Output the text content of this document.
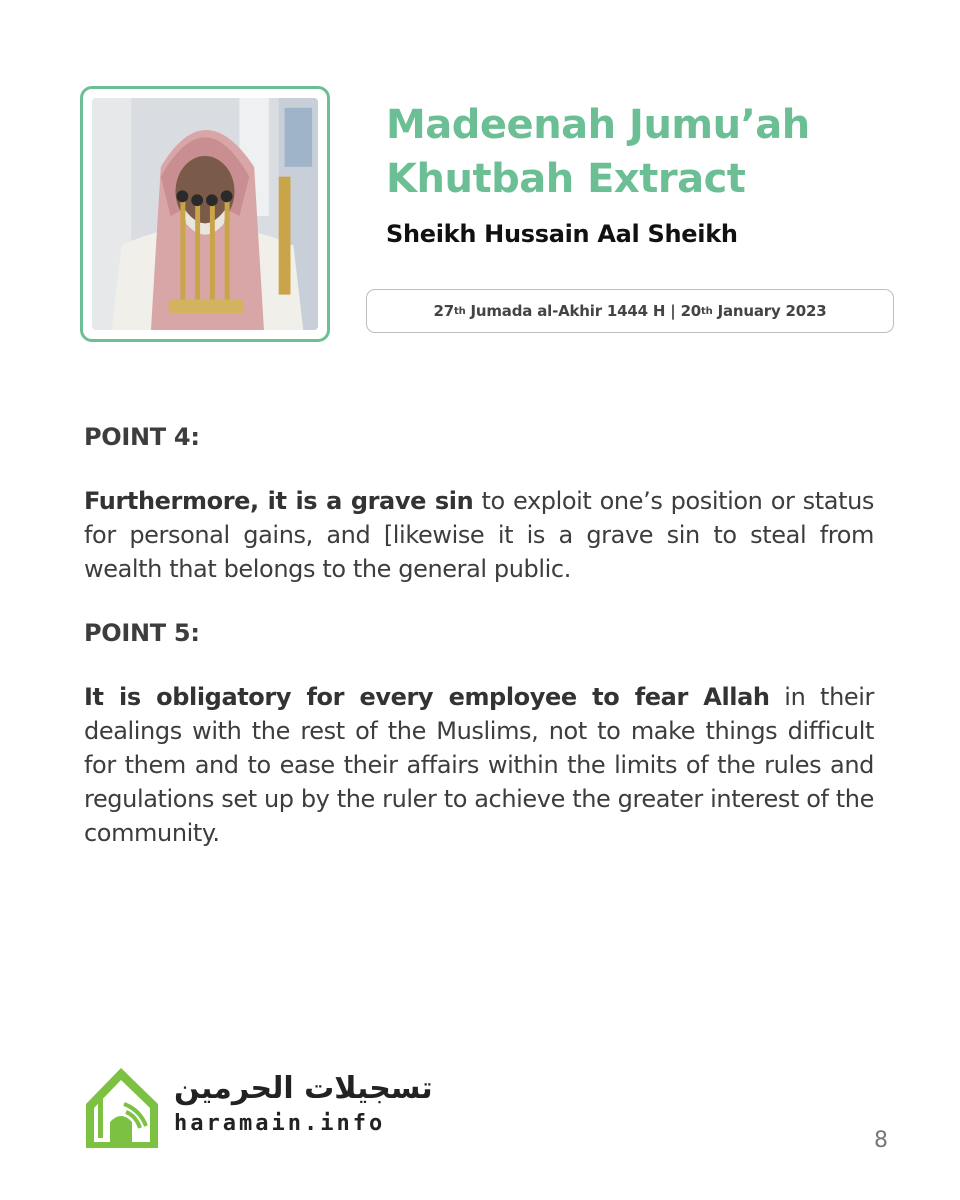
Madeenah Jumu’ah
Khutbah Extract
Sheikh Hussain Aal Sheikh
27 th Jumada al-Akhir 1444 H | 20 th January 2023

POINT 4:

Furthermore, it is a grave sin to exploit one’s position or status for personal gains, and [likewise it is a grave sin to steal from wealth that belongs to the general public.

POINT 5:

It is obligatory for every employee to fear Allah in their dealings with the rest of the Muslims, not to make things difficult for them and to ease their affairs within the limits of the rules and regulations set up by the ruler to achieve the greater interest of the community.

تسجيلات الحرمين
haramain.info
8
